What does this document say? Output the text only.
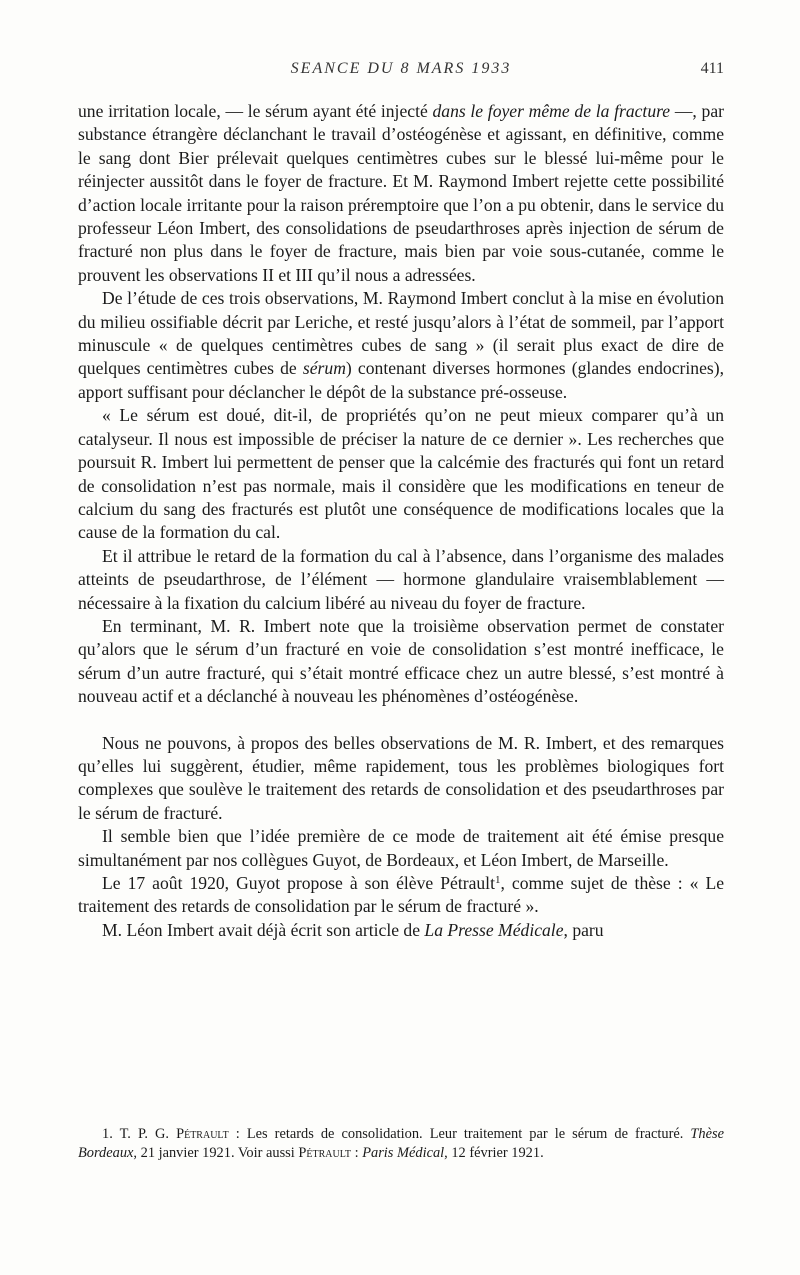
SEANCE DU 8 MARS 1933	411

une irritation locale, — le sérum ayant été injecté dans le foyer même de la fracture —, par substance étrangère déclanchant le travail d’ostéogénèse et agissant, en définitive, comme le sang dont Bier prélevait quelques centimètres cubes sur le blessé lui-même pour le réinjecter aussitôt dans le foyer de fracture. Et M. Raymond Imbert rejette cette possibilité d’action locale irritante pour la raison préremptoire que l’on a pu obtenir, dans le service du professeur Léon Imbert, des consolidations de pseudarthroses après injection de sérum de fracturé non plus dans le foyer de fracture, mais bien par voie sous-cutanée, comme le prouvent les observations II et III qu’il nous a adressées.

De l’étude de ces trois observations, M. Raymond Imbert conclut à la mise en évolution du milieu ossifiable décrit par Leriche, et resté jusqu’alors à l’état de sommeil, par l’apport minuscule « de quelques centimètres cubes de sang » (il serait plus exact de dire de quelques centimètres cubes de sérum) contenant diverses hormones (glandes endocrines), apport suffisant pour déclancher le dépôt de la substance pré-osseuse.

« Le sérum est doué, dit-il, de propriétés qu’on ne peut mieux comparer qu’à un catalyseur. Il nous est impossible de préciser la nature de ce dernier ». Les recherches que poursuit R. Imbert lui permettent de penser que la calcémie des fracturés qui font un retard de consolidation n’est pas normale, mais il considère que les modifications en teneur de calcium du sang des fracturés est plutôt une conséquence de modifications locales que la cause de la formation du cal.

Et il attribue le retard de la formation du cal à l’absence, dans l’organisme des malades atteints de pseudarthrose, de l’élément — hormone glandulaire vraisemblablement — nécessaire à la fixation du calcium libéré au niveau du foyer de fracture.

En terminant, M. R. Imbert note que la troisième observation permet de constater qu’alors que le sérum d’un fracturé en voie de consolidation s’est montré inefficace, le sérum d’un autre fracturé, qui s’était montré efficace chez un autre blessé, s’est montré à nouveau actif et a déclanché à nouveau les phénomènes d’ostéogénèse.

Nous ne pouvons, à propos des belles observations de M. R. Imbert, et des remarques qu’elles lui suggèrent, étudier, même rapidement, tous les problèmes biologiques fort complexes que soulève le traitement des retards de consolidation et des pseudarthroses par le sérum de fracturé.

Il semble bien que l’idée première de ce mode de traitement ait été émise presque simultanément par nos collègues Guyot, de Bordeaux, et Léon Imbert, de Marseille.

Le 17 août 1920, Guyot propose à son élève Pétrault$^1$, comme sujet de thèse : « Le traitement des retards de consolidation par le sérum de fracturé ».

M. Léon Imbert avait déjà écrit son article de La Presse Médicale, paru

1. T. P. G. Pétrault : Les retards de consolidation. Leur traitement par le sérum de fracturé. Thèse Bordeaux, 21 janvier 1921. Voir aussi Pétrault : Paris Médical, 12 février 1921.
